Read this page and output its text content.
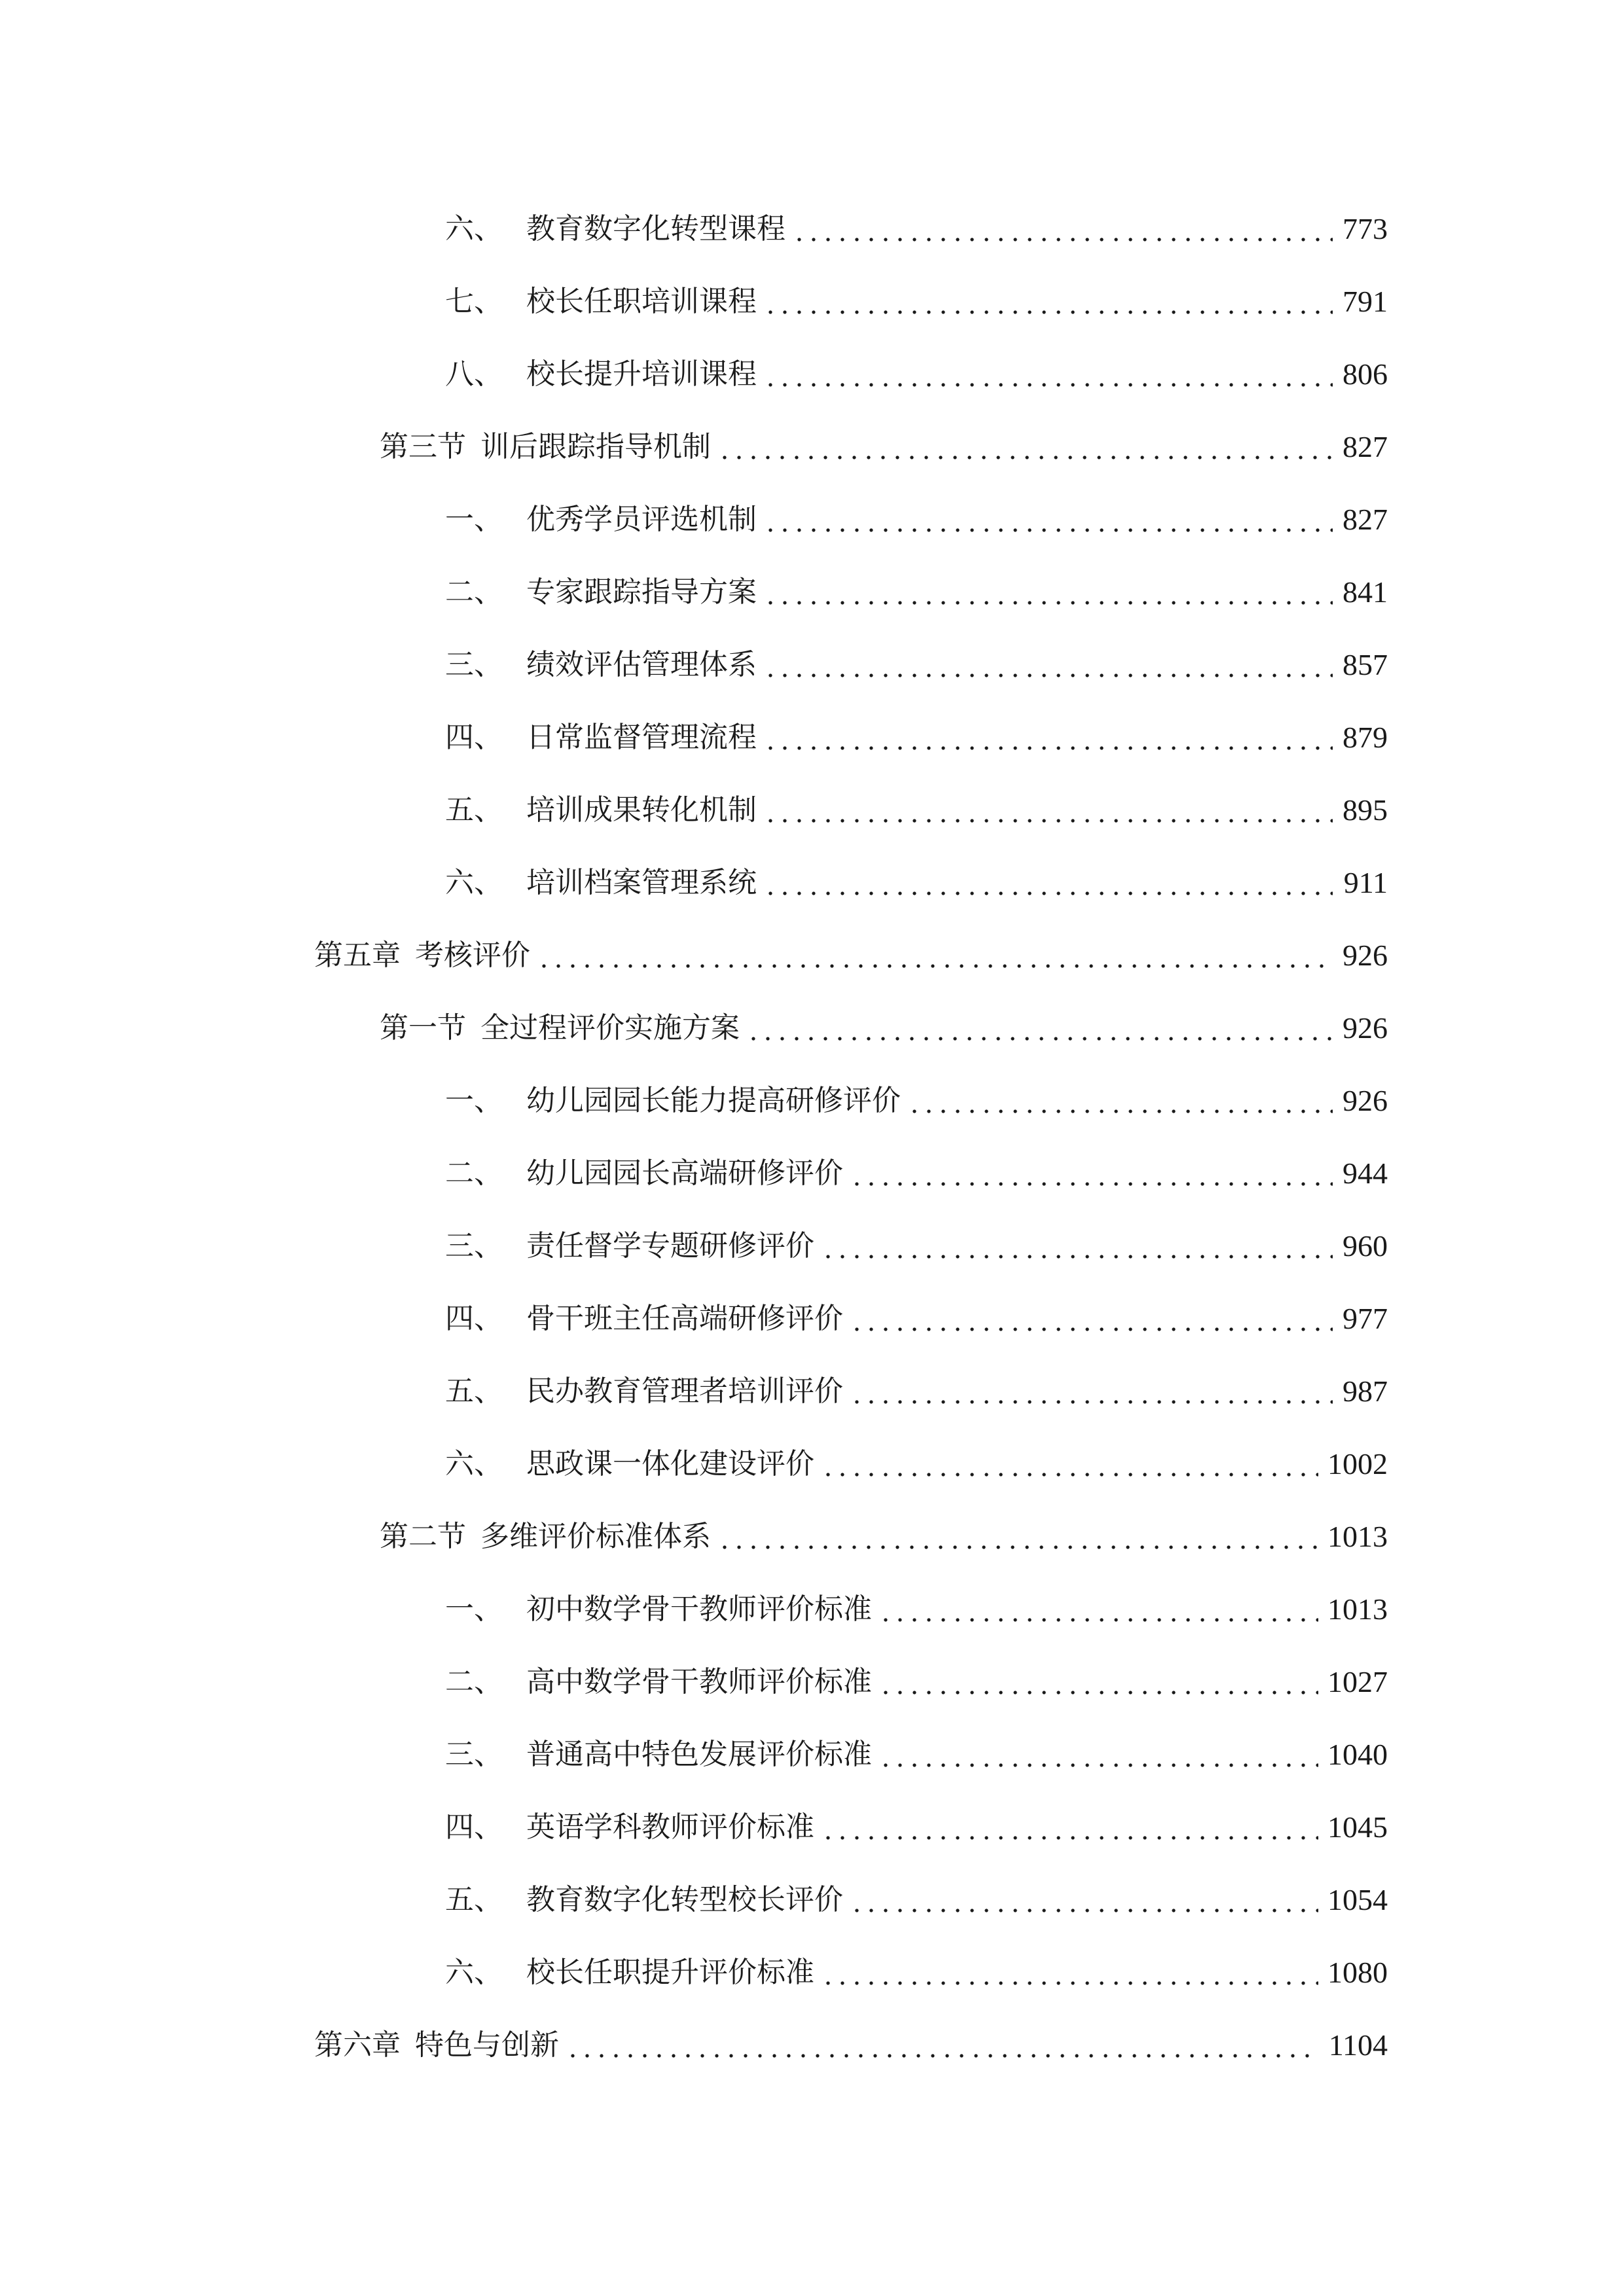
六、 教育数字化转型课程	773
七、 校长任职培训课程	791
八、 校长提升培训课程	806
第三节 训后跟踪指导机制	827
一、 优秀学员评选机制	827
二、 专家跟踪指导方案	841
三、 绩效评估管理体系	857
四、 日常监督管理流程	879
五、 培训成果转化机制	895
六、 培训档案管理系统	911
第五章 考核评价	926
第一节 全过程评价实施方案	926
一、 幼儿园园长能力提高研修评价	926
二、 幼儿园园长高端研修评价	944
三、 责任督学专题研修评价	960
四、 骨干班主任高端研修评价	977
五、 民办教育管理者培训评价	987
六、 思政课一体化建设评价	1002
第二节 多维评价标准体系	1013
一、 初中数学骨干教师评价标准	1013
二、 高中数学骨干教师评价标准	1027
三、 普通高中特色发展评价标准	1040
四、 英语学科教师评价标准	1045
五、 教育数字化转型校长评价	1054
六、 校长任职提升评价标准	1080
第六章 特色与创新	1104
